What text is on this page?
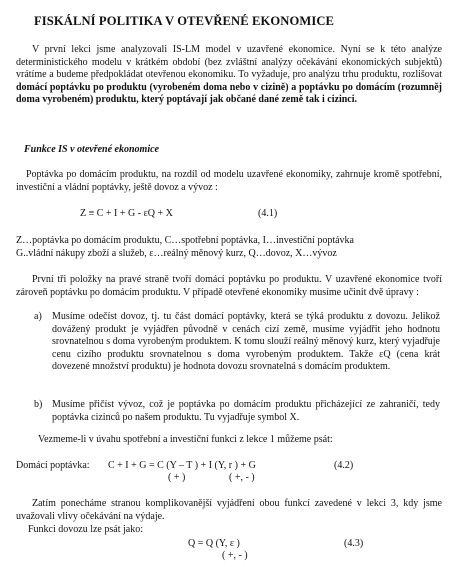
FISKÁLNÍ POLITIKA V OTEVŘENÉ EKONOMICE
V první lekci jsme analyzovali IS-LM model v uzavřené ekonomice. Nyní se k této analýze deterministického modelu v krátkém období (bez zvláštní analýzy očekávání ekonomických subjektů) vrátíme a budeme předpokládat otevřenou ekonomiku. To vyžaduje, pro analýzu trhu produktu, rozlišovat domácí poptávku po produktu (vyrobeném doma nebo v cizině) a poptávku po domácím (rozumněj doma vyrobeném) produktu, který poptávají jak občané dané země tak i cizinci.
Funkce IS v otevřené ekonomice
Poptávka po domácím produktu, na rozdíl od modelu uzavřené ekonomiky, zahrnuje kromě spotřební, investiční a vládní poptávky, ještě dovoz a vývoz :
Z ≡ C + I + G - εQ + X	(4.1)
Z…poptávka po domácím produktu, C…spotřební poptávka, I…investiční poptávka
G..vládní nákupy zboží a služeb, ε…reálný měnový kurz, Q…dovoz, X…vývoz
První tři položky na pravé straně tvoří domácí poptávku po produktu. V uzavřené ekonomice tvoří zároveň poptávku po domácím produktu. V případě otevřené ekonomiky musíme učinit dvě úpravy :
a) Musíme odečíst dovoz, tj. tu část domácí poptávky, která se týká produktu z dovozu. Jelikož dovážený produkt je vyjádřen původně v cenách cizí země, musíme vyjádřit jeho hodnotu srovnatelnou s doma vyrobeným produktem. K tomu slouží reálný měnový kurz, který vyjadřuje cenu cizího produktu srovnatelnou s doma vyrobeným produktem. Takže εQ (cena krát dovezené množství produktu) je hodnota dovozu srovnatelná s domácím produktem.
b) Musíme přičíst vývoz, což je poptávka po domácím produktu přicházející ze zahraničí, tedy poptávka cizinců po našem produktu. Tu vyjadřuje symbol X.
Vezmeme-li v úvahu spotřební a investiční funkci z lekce 1 můžeme psát:
Domácí poptávka: C + I + G = C (Y – T ) + I (Y, r ) + G	(4.2)
( + )	( +, - )
Zatím ponecháme stranou komplikovanější vyjádření obou funkcí zavedené v lekci 3, kdy jsme uvažovali vlivy očekávání na výdaje.
Funkci dovozu lze psát jako:
Q = Q (Y, ε )	(4.3)
( +, - )
